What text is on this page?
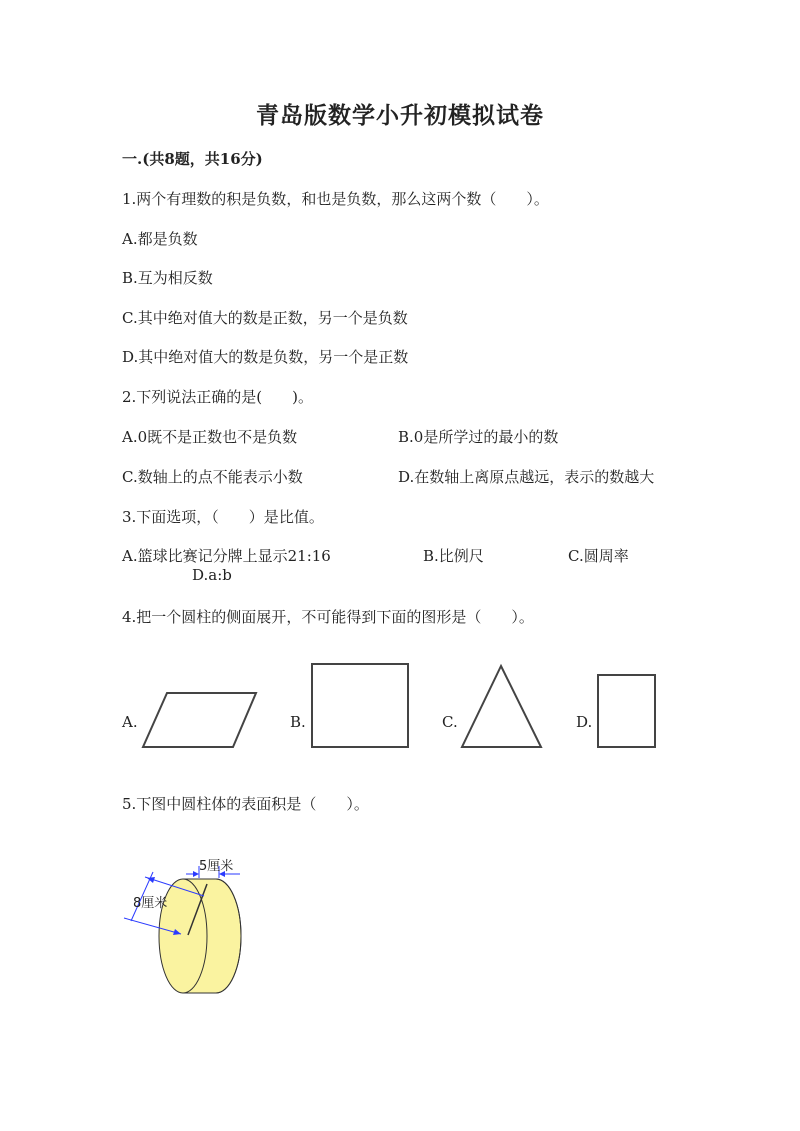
青岛版数学小升初模拟试卷
一.(共8题，共16分)
1.两个有理数的积是负数，和也是负数，那么这两个数（　　）。
A.都是负数
B.互为相反数
C.其中绝对值大的数是正数，另一个是负数
D.其中绝对值大的数是负数，另一个是正数
2.下列说法正确的是(　　)。
A.0既不是正数也不是负数	B.0是所学过的最小的数
C.数轴上的点不能表示小数	D.在数轴上离原点越远，表示的数越大
3.下面选项，（　　）是比值。
A.篮球比赛记分牌上显示21:16	B.比例尺	C.圆周率
D.a:b
4.把一个圆柱的侧面展开，不可能得到下面的图形是（　　）。
A.	B.	C.	D.
5.下图中圆柱体的表面积是（　　）。
5厘米
8厘米
